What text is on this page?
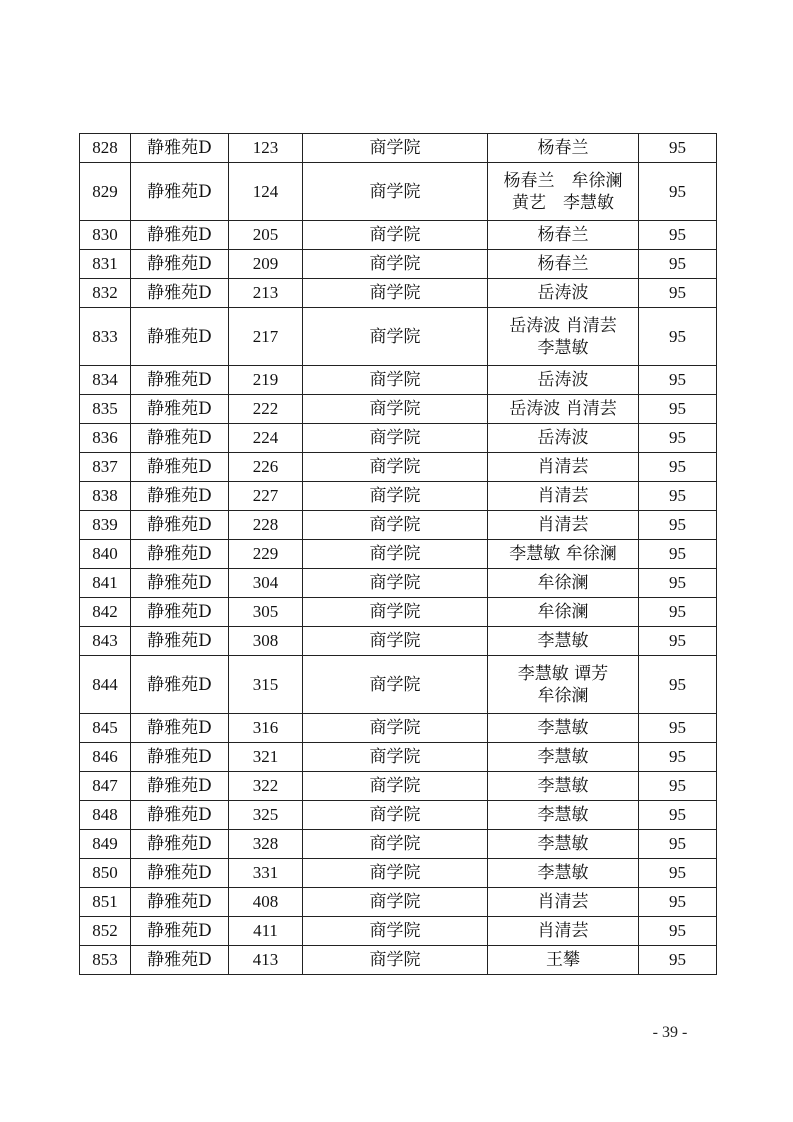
828	静雅苑D	123	商学院	杨春兰	95
829	静雅苑D	124	商学院	杨春兰　牟徐澜
黄艺　李慧敏	95
830	静雅苑D	205	商学院	杨春兰	95
831	静雅苑D	209	商学院	杨春兰	95
832	静雅苑D	213	商学院	岳涛波	95
833	静雅苑D	217	商学院	岳涛波 肖清芸
李慧敏	95
834	静雅苑D	219	商学院	岳涛波	95
835	静雅苑D	222	商学院	岳涛波 肖清芸	95
836	静雅苑D	224	商学院	岳涛波	95
837	静雅苑D	226	商学院	肖清芸	95
838	静雅苑D	227	商学院	肖清芸	95
839	静雅苑D	228	商学院	肖清芸	95
840	静雅苑D	229	商学院	李慧敏 牟徐澜	95
841	静雅苑D	304	商学院	牟徐澜	95
842	静雅苑D	305	商学院	牟徐澜	95
843	静雅苑D	308	商学院	李慧敏	95
844	静雅苑D	315	商学院	李慧敏 谭芳
牟徐澜	95
845	静雅苑D	316	商学院	李慧敏	95
846	静雅苑D	321	商学院	李慧敏	95
847	静雅苑D	322	商学院	李慧敏	95
848	静雅苑D	325	商学院	李慧敏	95
849	静雅苑D	328	商学院	李慧敏	95
850	静雅苑D	331	商学院	李慧敏	95
851	静雅苑D	408	商学院	肖清芸	95
852	静雅苑D	411	商学院	肖清芸	95
853	静雅苑D	413	商学院	王攀	95
- 39 -
